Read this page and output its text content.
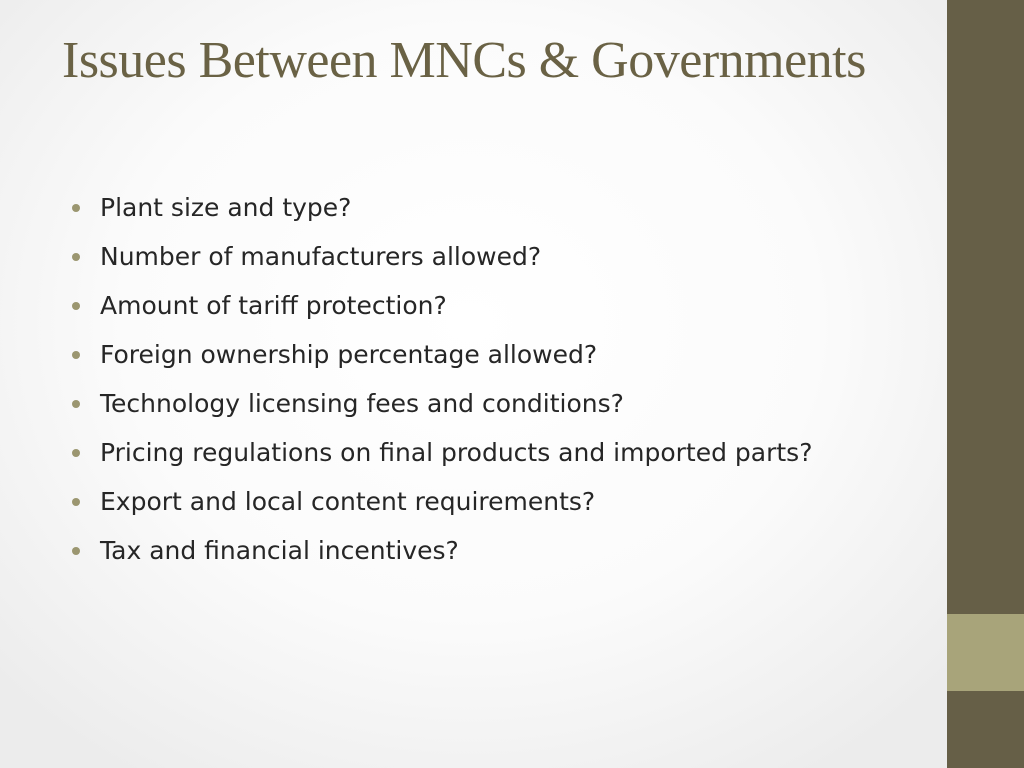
Issues Between MNCs & Governments
Plant size and type?
Number of manufacturers allowed?
Amount of tariff protection?
Foreign ownership percentage allowed?
Technology licensing fees and conditions?
Pricing regulations on final products and imported parts?
Export and local content requirements?
Tax and financial incentives?
